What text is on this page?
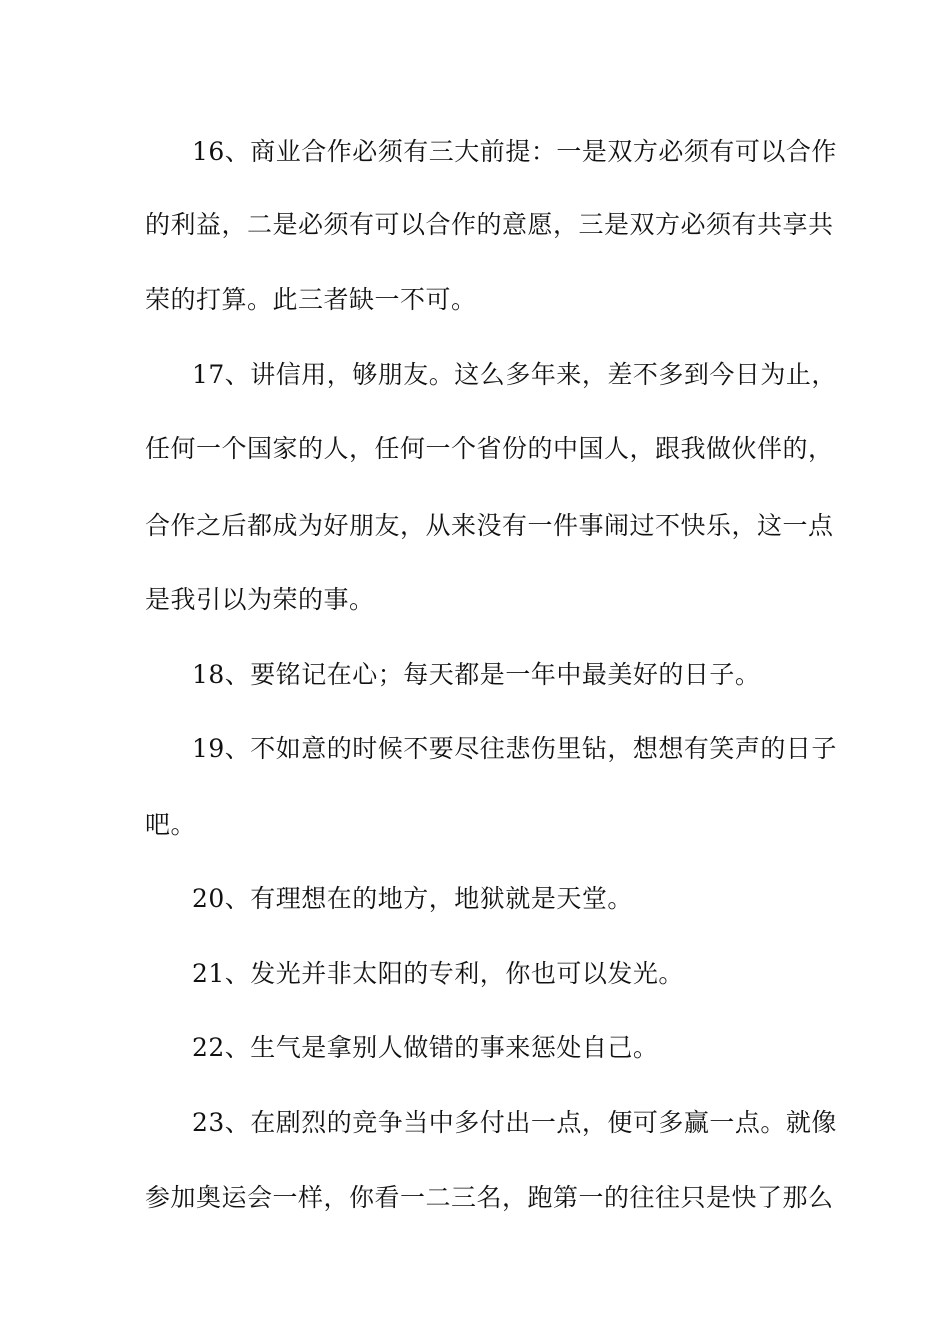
16、商业合作必须有三大前提：一是双方必须有可以合作
的利益，二是必须有可以合作的意愿，三是双方必须有共享共
荣的打算。此三者缺一不可。
17、讲信用，够朋友。这么多年来，差不多到今日为止，
任何一个国家的人，任何一个省份的中国人，跟我做伙伴的，
合作之后都成为好朋友，从来没有一件事闹过不快乐，这一点
是我引以为荣的事。
18、要铭记在心；每天都是一年中最美好的日子。
19、不如意的时候不要尽往悲伤里钻，想想有笑声的日子
吧。
20、有理想在的地方，地狱就是天堂。
21、发光并非太阳的专利，你也可以发光。
22、生气是拿别人做错的事来惩处自己。
23、在剧烈的竞争当中多付出一点，便可多赢一点。就像
参加奥运会一样，你看一二三名，跑第一的往往只是快了那么
